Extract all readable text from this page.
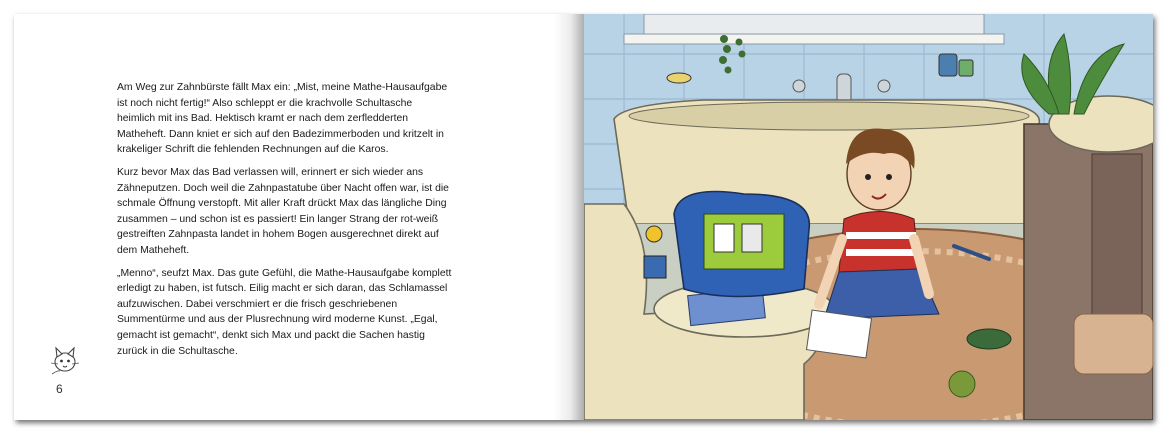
Am Weg zur Zahnbürste fällt Max ein: „Mist, meine Mathe-Hausaufgabe ist noch nicht fertig!“ Also schleppt er die krachvolle Schultasche heimlich mit ins Bad. Hektisch kramt er nach dem zerfledderten Matheheft. Dann kniet er sich auf den Badezimmerboden und kritzelt in krakeliger Schrift die fehlenden Rechnungen auf die Karos.

Kurz bevor Max das Bad verlassen will, erinnert er sich wieder ans Zähneputzen. Doch weil die Zahnpastatube über Nacht offen war, ist die schmale Öffnung verstopft. Mit aller Kraft drückt Max das längliche Ding zusammen – und schon ist es passiert! Ein langer Strang der rot-weiß gestreiften Zahnpasta landet in hohem Bogen ausgerechnet direkt auf dem Matheheft.

„Menno“, seufzt Max. Das gute Gefühl, die Mathe-Hausaufgabe komplett erledigt zu haben, ist futsch. Eilig macht er sich daran, das Schlamassel aufzuwischen. Dabei verschmiert er die frisch geschriebenen Summentürme und aus der Plusrechnung wird moderne Kunst. „Egal, gemacht ist gemacht“, denkt sich Max und packt die Sachen hastig zurück in die Schultasche.

6
